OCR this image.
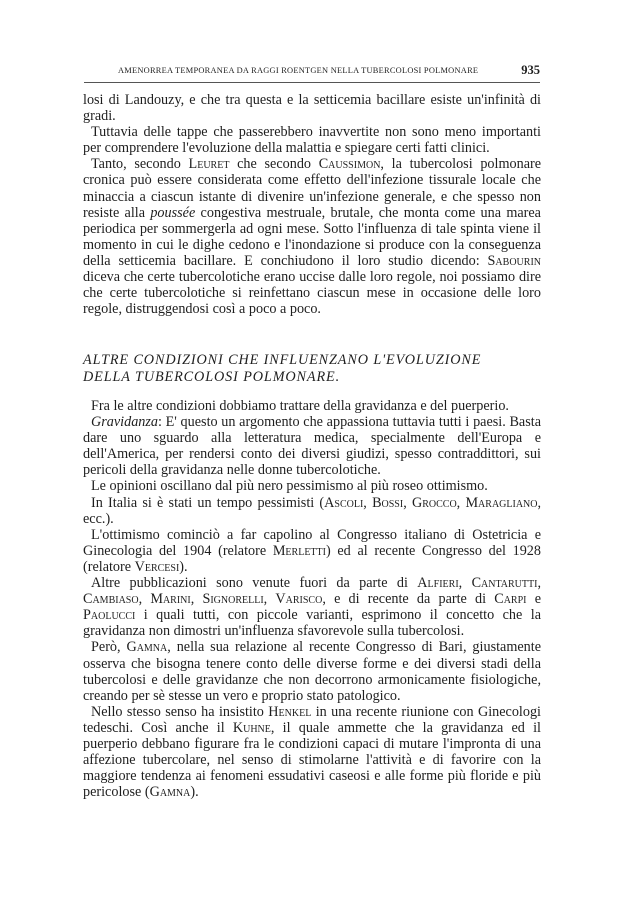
AMENORREA TEMPORANEA DA RAGGI ROENTGEN NELLA TUBERCOLOSI POLMONARE	935

losi di Landouzy, e che tra questa e la setticemia bacillare esiste un'infinità di gradi.

Tuttavia delle tappe che passerebbero inavvertite non sono meno importanti per comprendere l'evoluzione della malattia e spiegare certi fatti clinici.

Tanto, secondo Leuret che secondo Caussimon, la tubercolosi polmonare cronica può essere considerata come effetto dell'infezione tissurale locale che minaccia a ciascun istante di divenire un'infezione generale, e che spesso non resiste alla poussée congestiva mestruale, brutale, che monta come una marea periodica per sommergerla ad ogni mese. Sotto l'influenza di tale spinta viene il momento in cui le dighe cedono e l'inondazione si produce con la conseguenza della setticemia bacillare. E conchiudono il loro studio dicendo: Sabourin diceva che certe tubercolotiche erano uccise dalle loro regole, noi possiamo dire che certe tubercolotiche si reinfettano ciascun mese in occasione delle loro regole, distruggendosi così a poco a poco.

ALTRE CONDIZIONI CHE INFLUENZANO L'EVOLUZIONE
DELLA TUBERCOLOSI POLMONARE.

Fra le altre condizioni dobbiamo trattare della gravidanza e del puerperio.

Gravidanza: E' questo un argomento che appassiona tuttavia tutti i paesi. Basta dare uno sguardo alla letteratura medica, specialmente dell'Europa e dell'America, per rendersi conto dei diversi giudizi, spesso contraddittori, sui pericoli della gravidanza nelle donne tubercolotiche.

Le opinioni oscillano dal più nero pessimismo al più roseo ottimismo.

In Italia si è stati un tempo pessimisti (Ascoli, Bossi, Grocco, Maragliano, ecc.).

L'ottimismo cominciò a far capolino al Congresso italiano di Ostetricia e Ginecologia del 1904 (relatore Merletti) ed al recente Congresso del 1928 (relatore Vercesi).

Altre pubblicazioni sono venute fuori da parte di Alfieri, Cantarutti, Cambiaso, Marini, Signorelli, Varisco, e di recente da parte di Carpi e Paolucci i quali tutti, con piccole varianti, esprimono il concetto che la gravidanza non dimostri un'influenza sfavorevole sulla tubercolosi.

Però, Gamna, nella sua relazione al recente Congresso di Bari, giustamente osserva che bisogna tenere conto delle diverse forme e dei diversi stadi della tubercolosi e delle gravidanze che non decorrono armonicamente fisiologiche, creando per sè stesse un vero e proprio stato patologico.

Nello stesso senso ha insistito Henkel in una recente riunione con Ginecologi tedeschi. Così anche il Kuhne, il quale ammette che la gravidanza ed il puerperio debbano figurare fra le condizioni capaci di mutare l'impronta di una affezione tubercolare, nel senso di stimolarne l'attività e di favorire con la maggiore tendenza ai fenomeni essudativi caseosi e alle forme più floride e più pericolose (Gamna).
